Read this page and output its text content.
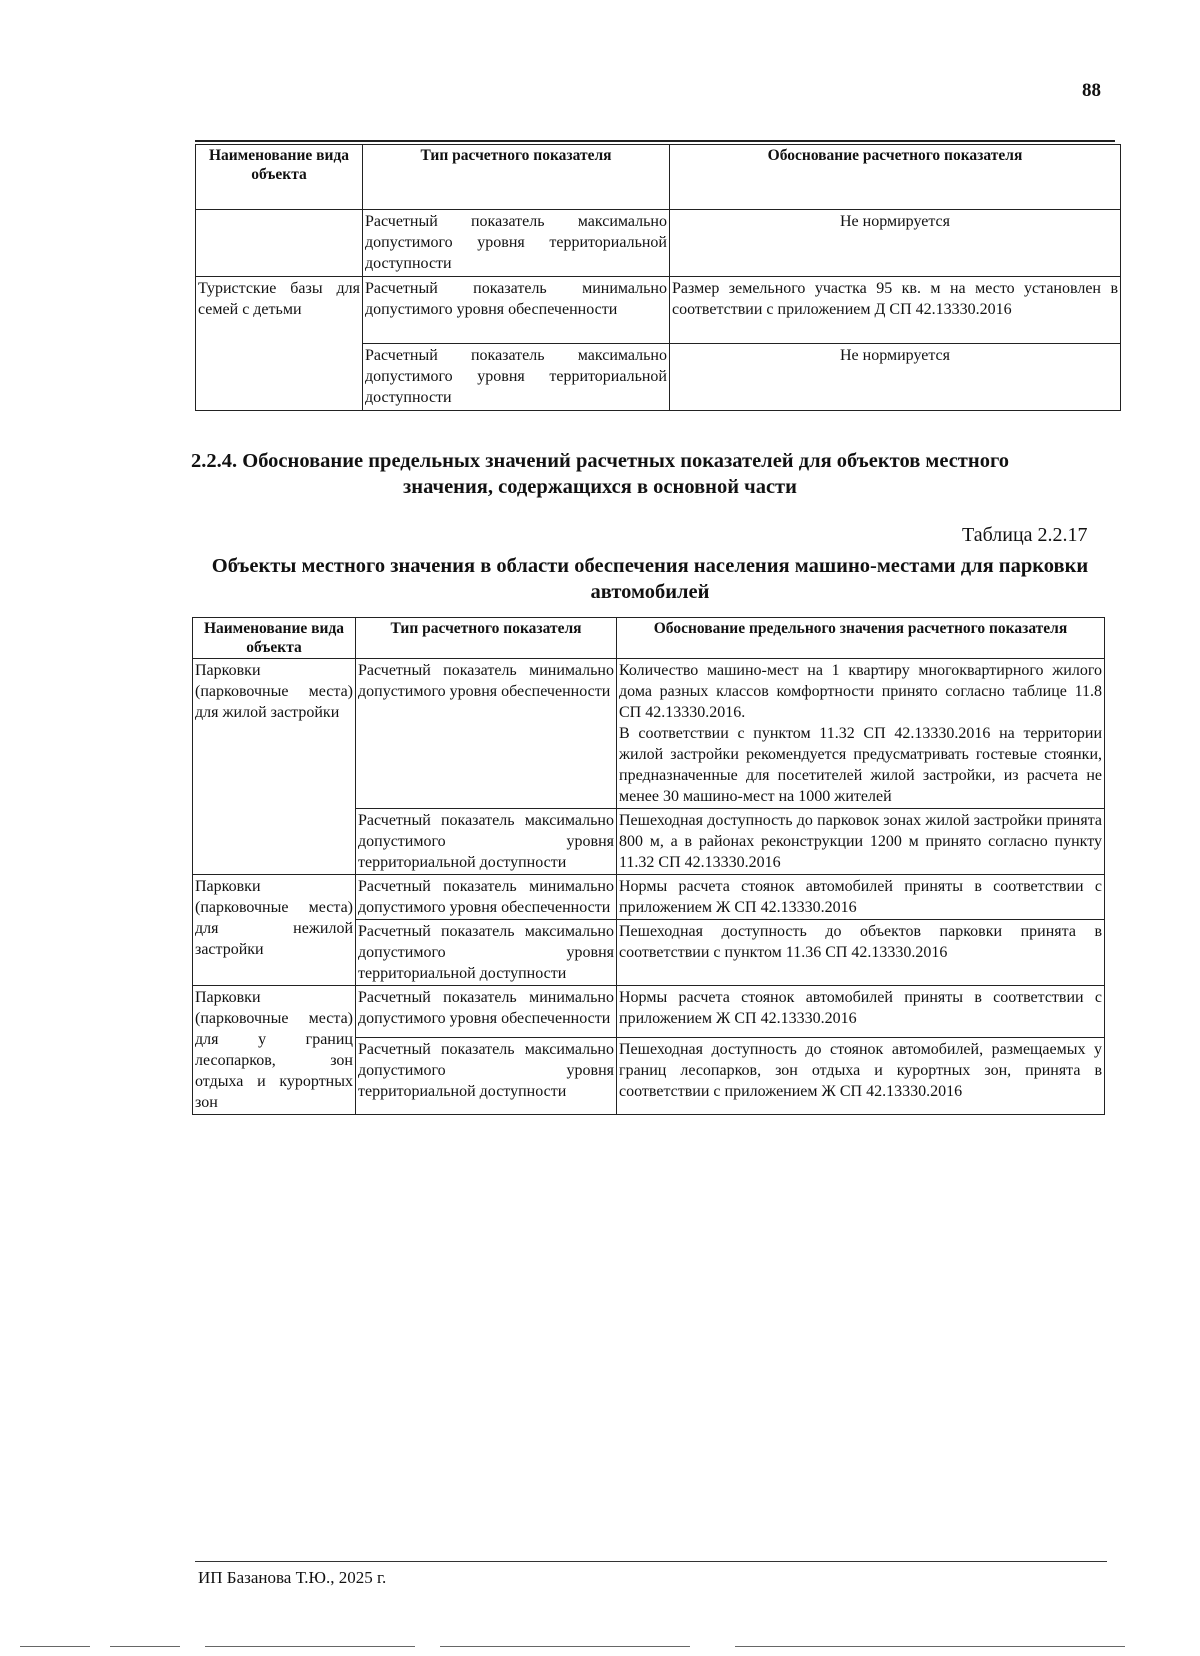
88
Наименование вида объекта	Тип расчетного показателя	Обоснование расчетного показателя
	Расчетный показатель максимально допустимого уровня территориальной доступности	Не нормируется
Туристские базы для семей с детьми	Расчетный показатель минимально допустимого уровня обеспеченности	Размер земельного участка 95 кв. м на место установлен в соответствии с приложением Д СП 42.13330.2016
	Расчетный показатель максимально допустимого уровня территориальной доступности	Не нормируется
2.2.4. Обоснование предельных значений расчетных показателей для объектов местного значения, содержащихся в основной части
Таблица 2.2.17
Объекты местного значения в области обеспечения населения машино-местами для парковки автомобилей
Наименование вида объекта	Тип расчетного показателя	Обоснование предельного значения расчетного показателя
Парковки (парковочные места) для жилой застройки	Расчетный показатель минимально допустимого уровня обеспеченности	Количество машино-мест на 1 квартиру многоквартирного жилого дома разных классов комфортности принято согласно таблице 11.8 СП 42.13330.2016.
В соответствии с пунктом 11.32 СП 42.13330.2016 на территории жилой застройки рекомендуется предусматривать гостевые стоянки, предназначенные для посетителей жилой застройки, из расчета не менее 30 машино-мест на 1000 жителей

	Расчетный показатель максимально допустимого уровня территориальной доступности	Пешеходная доступность до парковок зонах жилой застройки принята 800 м, а в районах реконструкции 1200 м принято согласно пункту 11.32 СП 42.13330.2016
Парковки (парковочные места) для нежилой застройки	Расчетный показатель минимально допустимого уровня обеспеченности	Нормы расчета стоянок автомобилей приняты в соответствии с приложением Ж СП 42.13330.2016
	Расчетный показатель максимально допустимого уровня территориальной доступности	Пешеходная доступность до объектов парковки принята в соответствии с пунктом 11.36 СП 42.13330.2016
Парковки (парковочные места) для у границ лесопарков, зон отдыха и курортных зон	Расчетный показатель минимально допустимого уровня обеспеченности	Нормы расчета стоянок автомобилей приняты в соответствии с приложением Ж СП 42.13330.2016
	Расчетный показатель максимально допустимого уровня территориальной доступности	Пешеходная доступность до стоянок автомобилей, размещаемых у границ лесопарков, зон отдыха и курортных зон, принята в соответствии с приложением Ж СП 42.13330.2016
ИП Базанова Т.Ю., 2025 г.
